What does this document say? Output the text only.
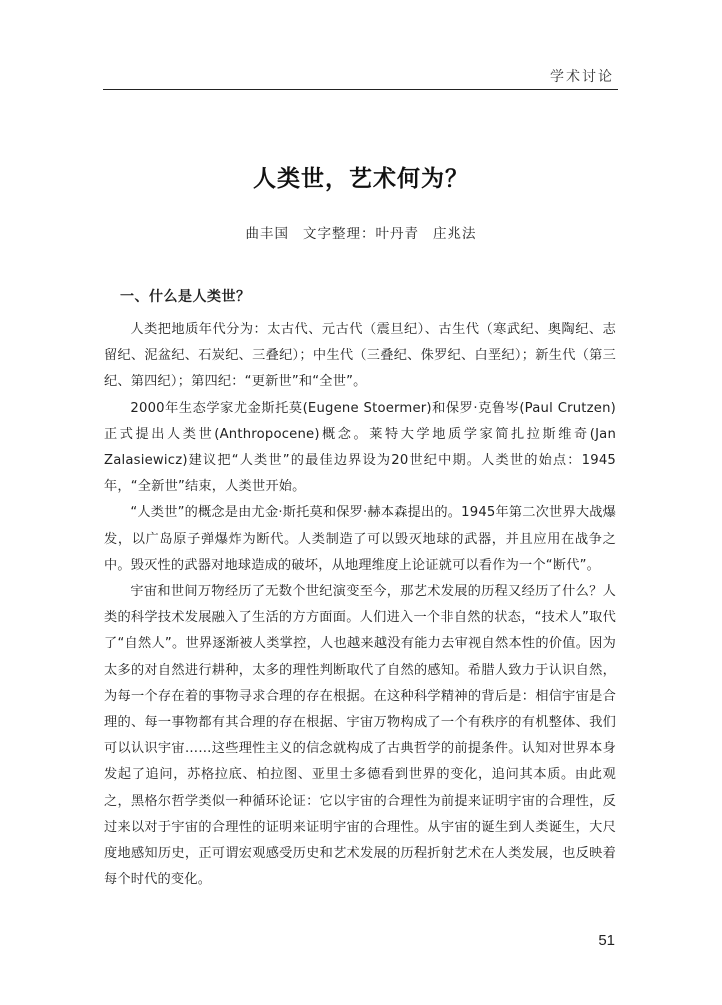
学术讨论
人类世，艺术何为？
曲丰国 文字整理：叶丹青 庄兆法
一、什么是人类世？

人类把地质年代分为：太古代、元古代（震旦纪）、古生代（寒武纪、奥陶纪、志留纪、泥盆纪、石炭纪、三叠纪）；中生代（三叠纪、侏罗纪、白垩纪）；新生代（第三纪、第四纪）；第四纪：“更新世”和“全世”。

2000年生态学家尤金斯托莫(Eugene Stoermer)和保罗·克鲁岑(Paul Crutzen)正式提出人类世(Anthropocene)概念。莱特大学地质学家简扎拉斯维奇(Jan Zalasiewicz)建议把“人类世”的最佳边界设为20世纪中期。人类世的始点：1945年，“全新世”结束，人类世开始。

“人类世”的概念是由尤金·斯托莫和保罗·赫本森提出的。1945年第二次世界大战爆发，以广岛原子弹爆炸为断代。人类制造了可以毁灭地球的武器，并且应用在战争之中。毁灭性的武器对地球造成的破坏，从地理维度上论证就可以看作为一个“断代”。

宇宙和世间万物经历了无数个世纪演变至今，那艺术发展的历程又经历了什么？人类的科学技术发展融入了生活的方方面面。人们进入一个非自然的状态，“技术人”取代了“自然人”。世界逐渐被人类掌控，人也越来越没有能力去审视自然本性的价值。因为太多的对自然进行耕种，太多的理性判断取代了自然的感知。希腊人致力于认识自然，为每一个存在着的事物寻求合理的存在根据。在这种科学精神的背后是：相信宇宙是合理的、每一事物都有其合理的存在根据、宇宙万物构成了一个有秩序的有机整体、我们可以认识宇宙……这些理性主义的信念就构成了古典哲学的前提条件。认知对世界本身发起了追问，苏格拉底、柏拉图、亚里士多德看到世界的变化，追问其本质。由此观之，黑格尔哲学类似一种循环论证：它以宇宙的合理性为前提来证明宇宙的合理性，反过来以对于宇宙的合理性的证明来证明宇宙的合理性。从宇宙的诞生到人类诞生，大尺度地感知历史，正可谓宏观感受历史和艺术发展的历程折射艺术在人类发展，也反映着每个时代的变化。

51
